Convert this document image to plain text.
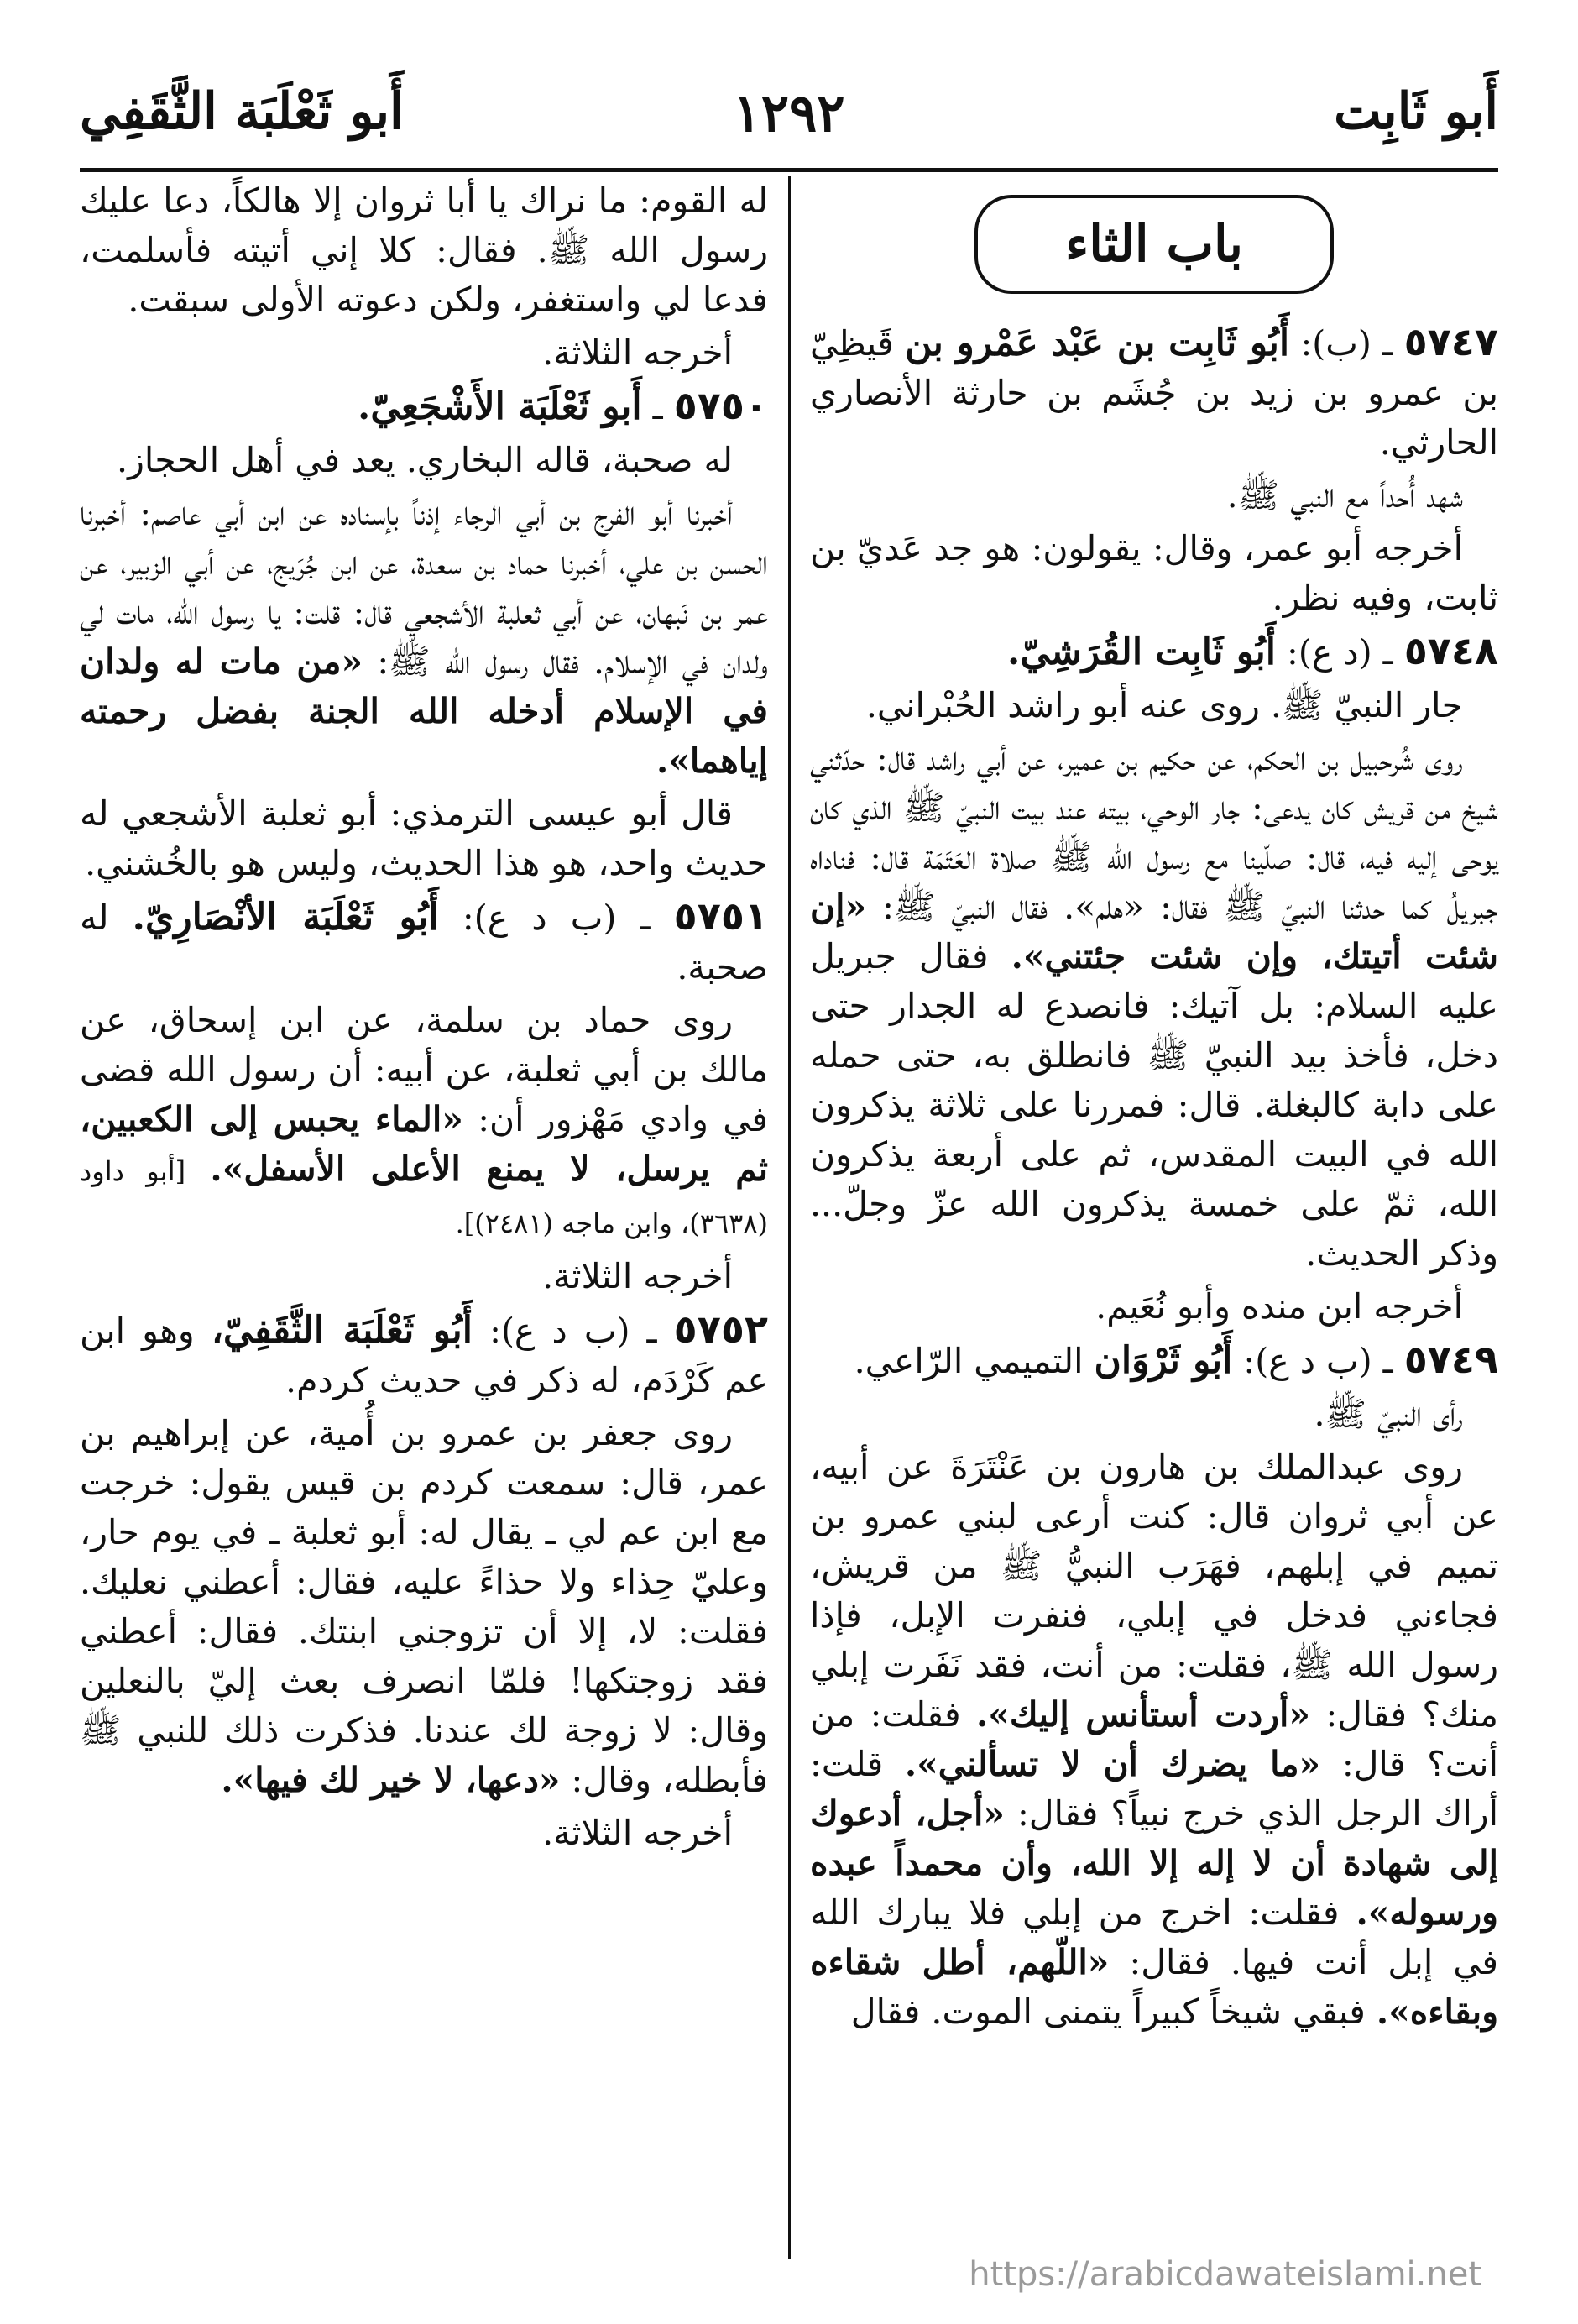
أَبو ثَابِت
١٢٩٢
أَبو ثَعْلَبَة الثَّقَفِي
باب الثاء

٥٧٤٧ ـ (ب): أَبُو ثَابِت بن عَبْد عَمْرو بن قَيظِيّ بن عمرو بن زيد بن جُشَم بن حارثة الأنصاري الحارثي.

شهد أُحداً مع النبي ﷺ.

أخرجه أبو عمر، وقال: يقولون: هو جد عَديّ بن ثابت، وفيه نظر.

٥٧٤٨ ـ (د ع): أَبُو ثَابِت القُرَشِيّ.

جار النبيّ ﷺ. روى عنه أبو راشد الحُبْراني.

روى شُرحبيل بن الحكم، عن حكيم بن عمير، عن أبي راشد قال: حدّثني شيخ من قريش كان يدعى: جار الوحي، بيته عند بيت النبيّ ﷺ الذي كان يوحى إليه فيه، قال: صلّينا مع رسول الله ﷺ صلاة العَتَمَة قال: فناداه جبريلُ كما حدثنا النبيّ ﷺ فقال: «هلم». فقال النبيّ ﷺ: «إن شئت أتيتك، وإن شئت جئتني». فقال جبريل عليه السلام: بل آتيك: فانصدع له الجدار حتى دخل، فأخذ بيد النبيّ ﷺ فانطلق به، حتى حمله على دابة كالبغلة. قال: فمررنا على ثلاثة يذكرون الله في البيت المقدس، ثم على أربعة يذكرون الله، ثمّ على خمسة يذكرون الله عزّ وجلّ... وذكر الحديث.

أخرجه ابن منده وأبو نُعَيم.

٥٧٤٩ ـ (ب د ع): أَبُو ثَرْوَان التميمي الرّاعي.

رأى النبيّ ﷺ.

روى عبدالملك بن هارون بن عَنْتَرَةَ عن أبيه، عن أبي ثروان قال: كنت أرعى لبني عمرو بن تميم في إبلهم، فهَرَب النبيُّ ﷺ من قريش، فجاءني فدخل في إبلي، فنفرت الإبل، فإذا رسول الله ﷺ، فقلت: من أنت، فقد نَفَرت إبلي منك؟ فقال: «أردت أستأنس إليك». فقلت: من أنت؟ قال: «ما يضرك أن لا تسألني». قلت: أراك الرجل الذي خرج نبياً؟ فقال: «أجل، أدعوك إلى شهادة أن لا إله إلا الله، وأن محمداً عبده ورسوله». فقلت: اخرج من إبلي فلا يبارك الله في إبل أنت فيها. فقال: «اللّهم، أطل شقاءه وبقاءه». فبقي شيخاً كبيراً يتمنى الموت. فقال

له القوم: ما نراك يا أبا ثروان إلا هالكاً، دعا عليك رسول الله ﷺ. فقال: كلا إني أتيته فأسلمت، فدعا لي واستغفر، ولكن دعوته الأولى سبقت.

أخرجه الثلاثة.

٥٧٥٠ ـ أَبو ثَعْلَبَة الأَشْجَعِيّ.

له صحبة، قاله البخاري. يعد في أهل الحجاز.

أخبرنا أبو الفرج بن أبي الرجاء إذناً بإسناده عن ابن أبي عاصم: أخبرنا الحسن بن علي، أخبرنا حماد بن سعدة، عن ابن جُرَيج، عن أبي الزبير، عن عمر بن نَبهان، عن أبي ثعلبة الأشجعي قال: قلت: يا رسول الله، مات لي ولدان في الإسلام. فقال رسول الله ﷺ: «من مات له ولدان في الإسلام أدخله الله الجنة بفضل رحمته إياهما».

قال أبو عيسى الترمذي: أبو ثعلبة الأشجعي له حديث واحد، هو هذا الحديث، وليس هو بالخُشني.

٥٧٥١ ـ (ب د ع): أَبُو ثَعْلَبَة الأنْصَارِيّ. له صحبة.

روى حماد بن سلمة، عن ابن إسحاق، عن مالك بن أبي ثعلبة، عن أبيه: أن رسول الله قضى في وادي مَهْزور أن: «الماء يحبس إلى الكعبين، ثم يرسل، لا يمنع الأعلى الأسفل». [أبو داود (٣٦٣٨)، وابن ماجه (٢٤٨١)].

أخرجه الثلاثة.

٥٧٥٢ ـ (ب د ع): أَبُو ثَعْلَبَة الثَّقَفِيّ، وهو ابن عم كَرْدَم، له ذكر في حديث كردم.

روى جعفر بن عمرو بن أُمية، عن إبراهيم بن عمر، قال: سمعت كردم بن قيس يقول: خرجت مع ابن عم لي ـ يقال له: أبو ثعلبة ـ في يوم حار، وعليّ حِذاء ولا حذاءً عليه، فقال: أعطني نعليك. فقلت: لا، إلا أن تزوجني ابنتك. فقال: أعطني فقد زوجتكها! فلمّا انصرف بعث إليّ بالنعلين وقال: لا زوجة لك عندنا. فذكرت ذلك للنبي ﷺ فأبطله، وقال: «دعها، لا خير لك فيها».

أخرجه الثلاثة.

https://arabicdawateislami.net
